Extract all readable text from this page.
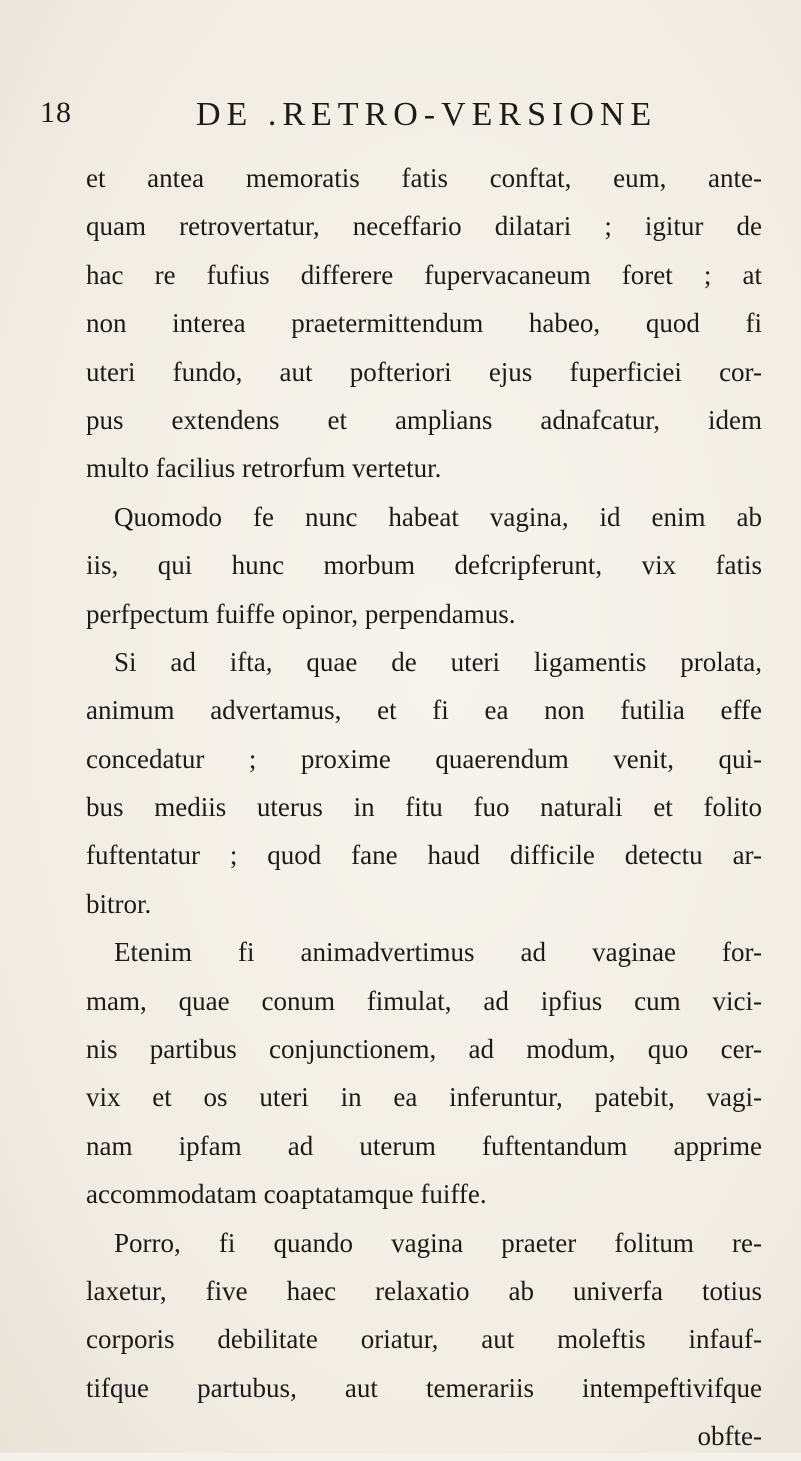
18	DE .RETRO-VERSIONE
et antea memoratis fatis conftat, eum, ante-
quam retrovertatur, neceffario dilatari ; igitur de
hac re fufius differere fupervacaneum foret ; at
non interea praetermittendum habeo, quod fi
uteri fundo, aut pofteriori ejus fuperficiei cor-
pus extendens et amplians adnafcatur, idem
multo facilius retrorfum vertetur.
Quomodo fe nunc habeat vagina, id enim ab
iis, qui hunc morbum defcripferunt, vix fatis
perfpectum fuiffe opinor, perpendamus.
Si ad ifta, quae de uteri ligamentis prolata,
animum advertamus, et fi ea non futilia effe
concedatur ; proxime quaerendum venit, qui-
bus mediis uterus in fitu fuo naturali et folito
fuftentatur ; quod fane haud difficile detectu ar-
bitror.
Etenim fi animadvertimus ad vaginae for-
mam, quae conum fimulat, ad ipfius cum vici-
nis partibus conjunctionem, ad modum, quo cer-
vix et os uteri in ea inferuntur, patebit, vagi-
nam ipfam ad uterum fuftentandum apprime
accommodatam coaptatamque fuiffe.
Porro, fi quando vagina praeter folitum re-
laxetur, five haec relaxatio ab univerfa totius
corporis debilitate oriatur, aut moleftis infauf-
tifque partubus, aut temerariis intempeftivifque
obfte-
